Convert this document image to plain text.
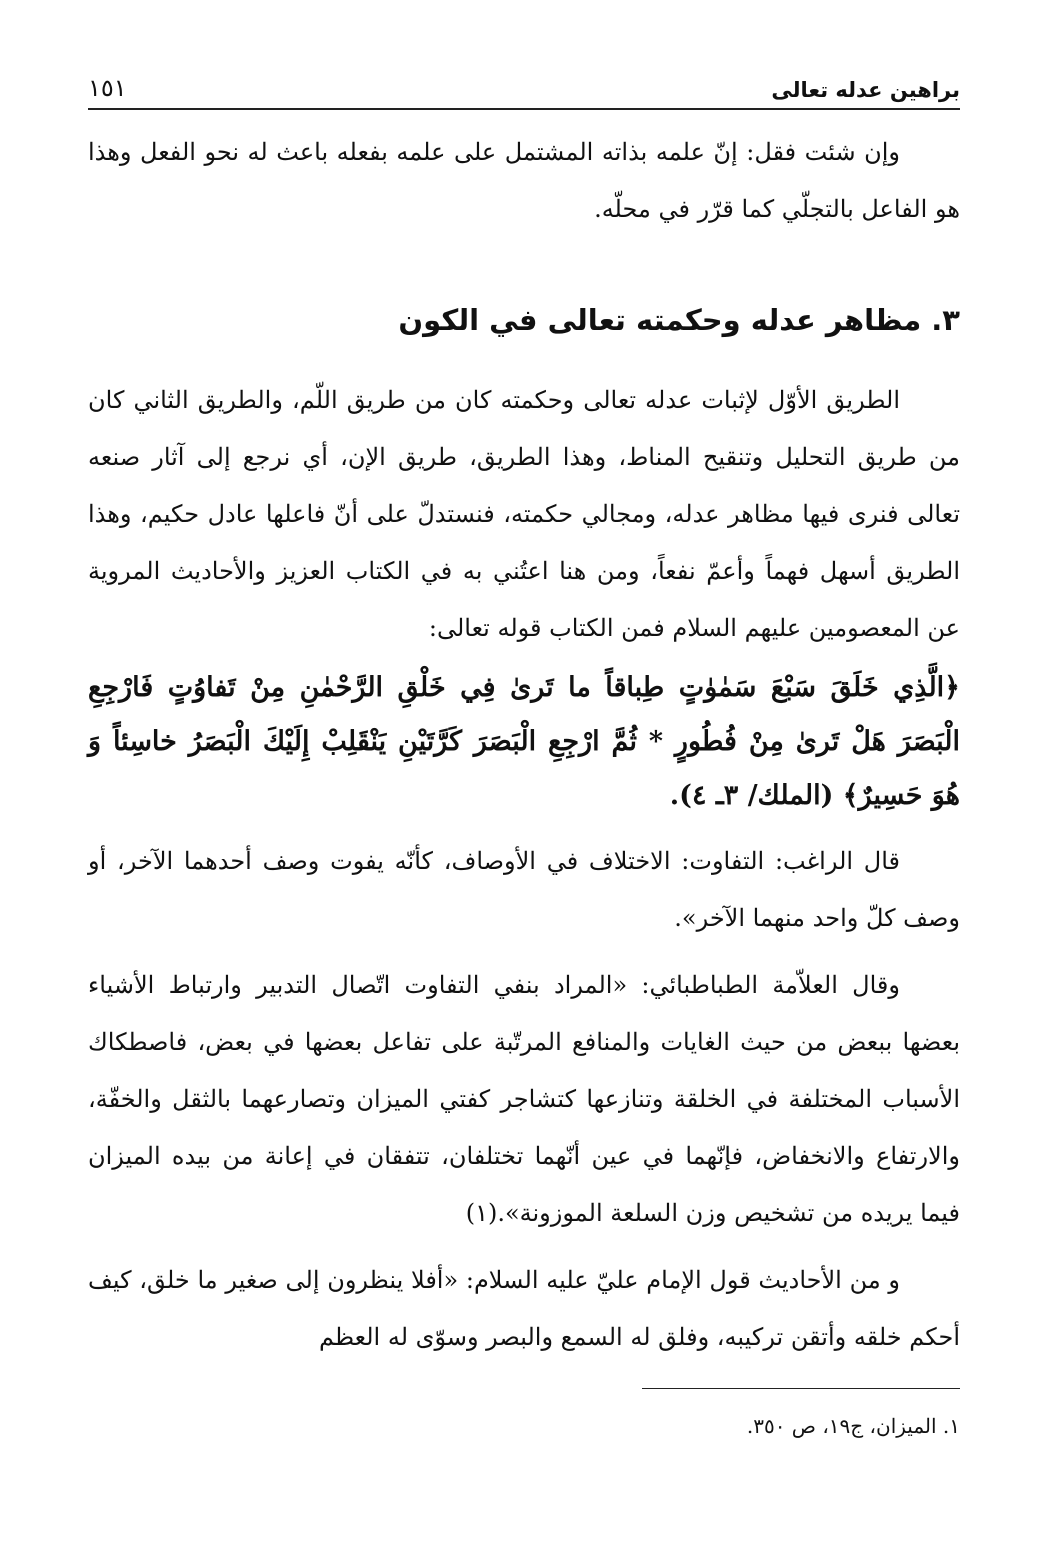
براهين عدله تعالى
١٥١

وإن شئت فقل: إنّ علمه بذاته المشتمل على علمه بفعله باعث له نحو الفعل وهذا هو الفاعل بالتجلّي كما قرّر في محلّه.

٣. مظاهر عدله وحكمته تعالى في الكون

الطريق الأوّل لإثبات عدله تعالى وحكمته كان من طريق اللّم، والطريق الثاني كان من طريق التحليل وتنقيح المناط، وهذا الطريق، طريق الإن، أي نرجع إلى آثار صنعه تعالى فنرى فيها مظاهر عدله، ومجالي حكمته، فنستدلّ على أنّ فاعلها عادل حكيم، وهذا الطريق أسهل فهماً وأعمّ نفعاً، ومن هنا اعتُني به في الكتاب العزيز والأحاديث المروية عن المعصومين عليهم السلام فمن الكتاب قوله تعالى:

﴿الَّذِي خَلَقَ سَبْعَ سَمٰوٰتٍ طِباقاً ما تَرىٰ فِي خَلْقِ الرَّحْمٰنِ مِنْ تَفاوُتٍ فَارْجِعِ الْبَصَرَ هَلْ تَرىٰ مِنْ فُطُورٍ * ثُمَّ ارْجِعِ الْبَصَرَ كَرَّتَيْنِ يَنْقَلِبْ إِلَيْكَ الْبَصَرُ خاسِئاً وَ هُوَ حَسِيرٌ﴾ (الملك/ ٣ـ ٤).

قال الراغب: التفاوت: الاختلاف في الأوصاف، كأنّه يفوت وصف أحدهما الآخر، أو وصف كلّ واحد منهما الآخر».

وقال العلاّمة الطباطبائي: «المراد بنفي التفاوت اتّصال التدبير وارتباط الأشياء بعضها ببعض من حيث الغايات والمنافع المرتّبة على تفاعل بعضها في بعض، فاصطكاك الأسباب المختلفة في الخلقة وتنازعها كتشاجر كفتي الميزان وتصارعهما بالثقل والخفّة، والارتفاع والانخفاض، فإنّهما في عين أنّهما تختلفان، تتفقان في إعانة من بيده الميزان فيما يريده من تشخيص وزن السلعة الموزونة».(١)

و من الأحاديث قول الإمام عليّ عليه السلام: «أفلا ينظرون إلى صغير ما خلق، كيف أحكم خلقه وأتقن تركيبه، وفلق له السمع والبصر وسوّى له العظم

١. الميزان، ج١٩، ص ٣٥٠.
